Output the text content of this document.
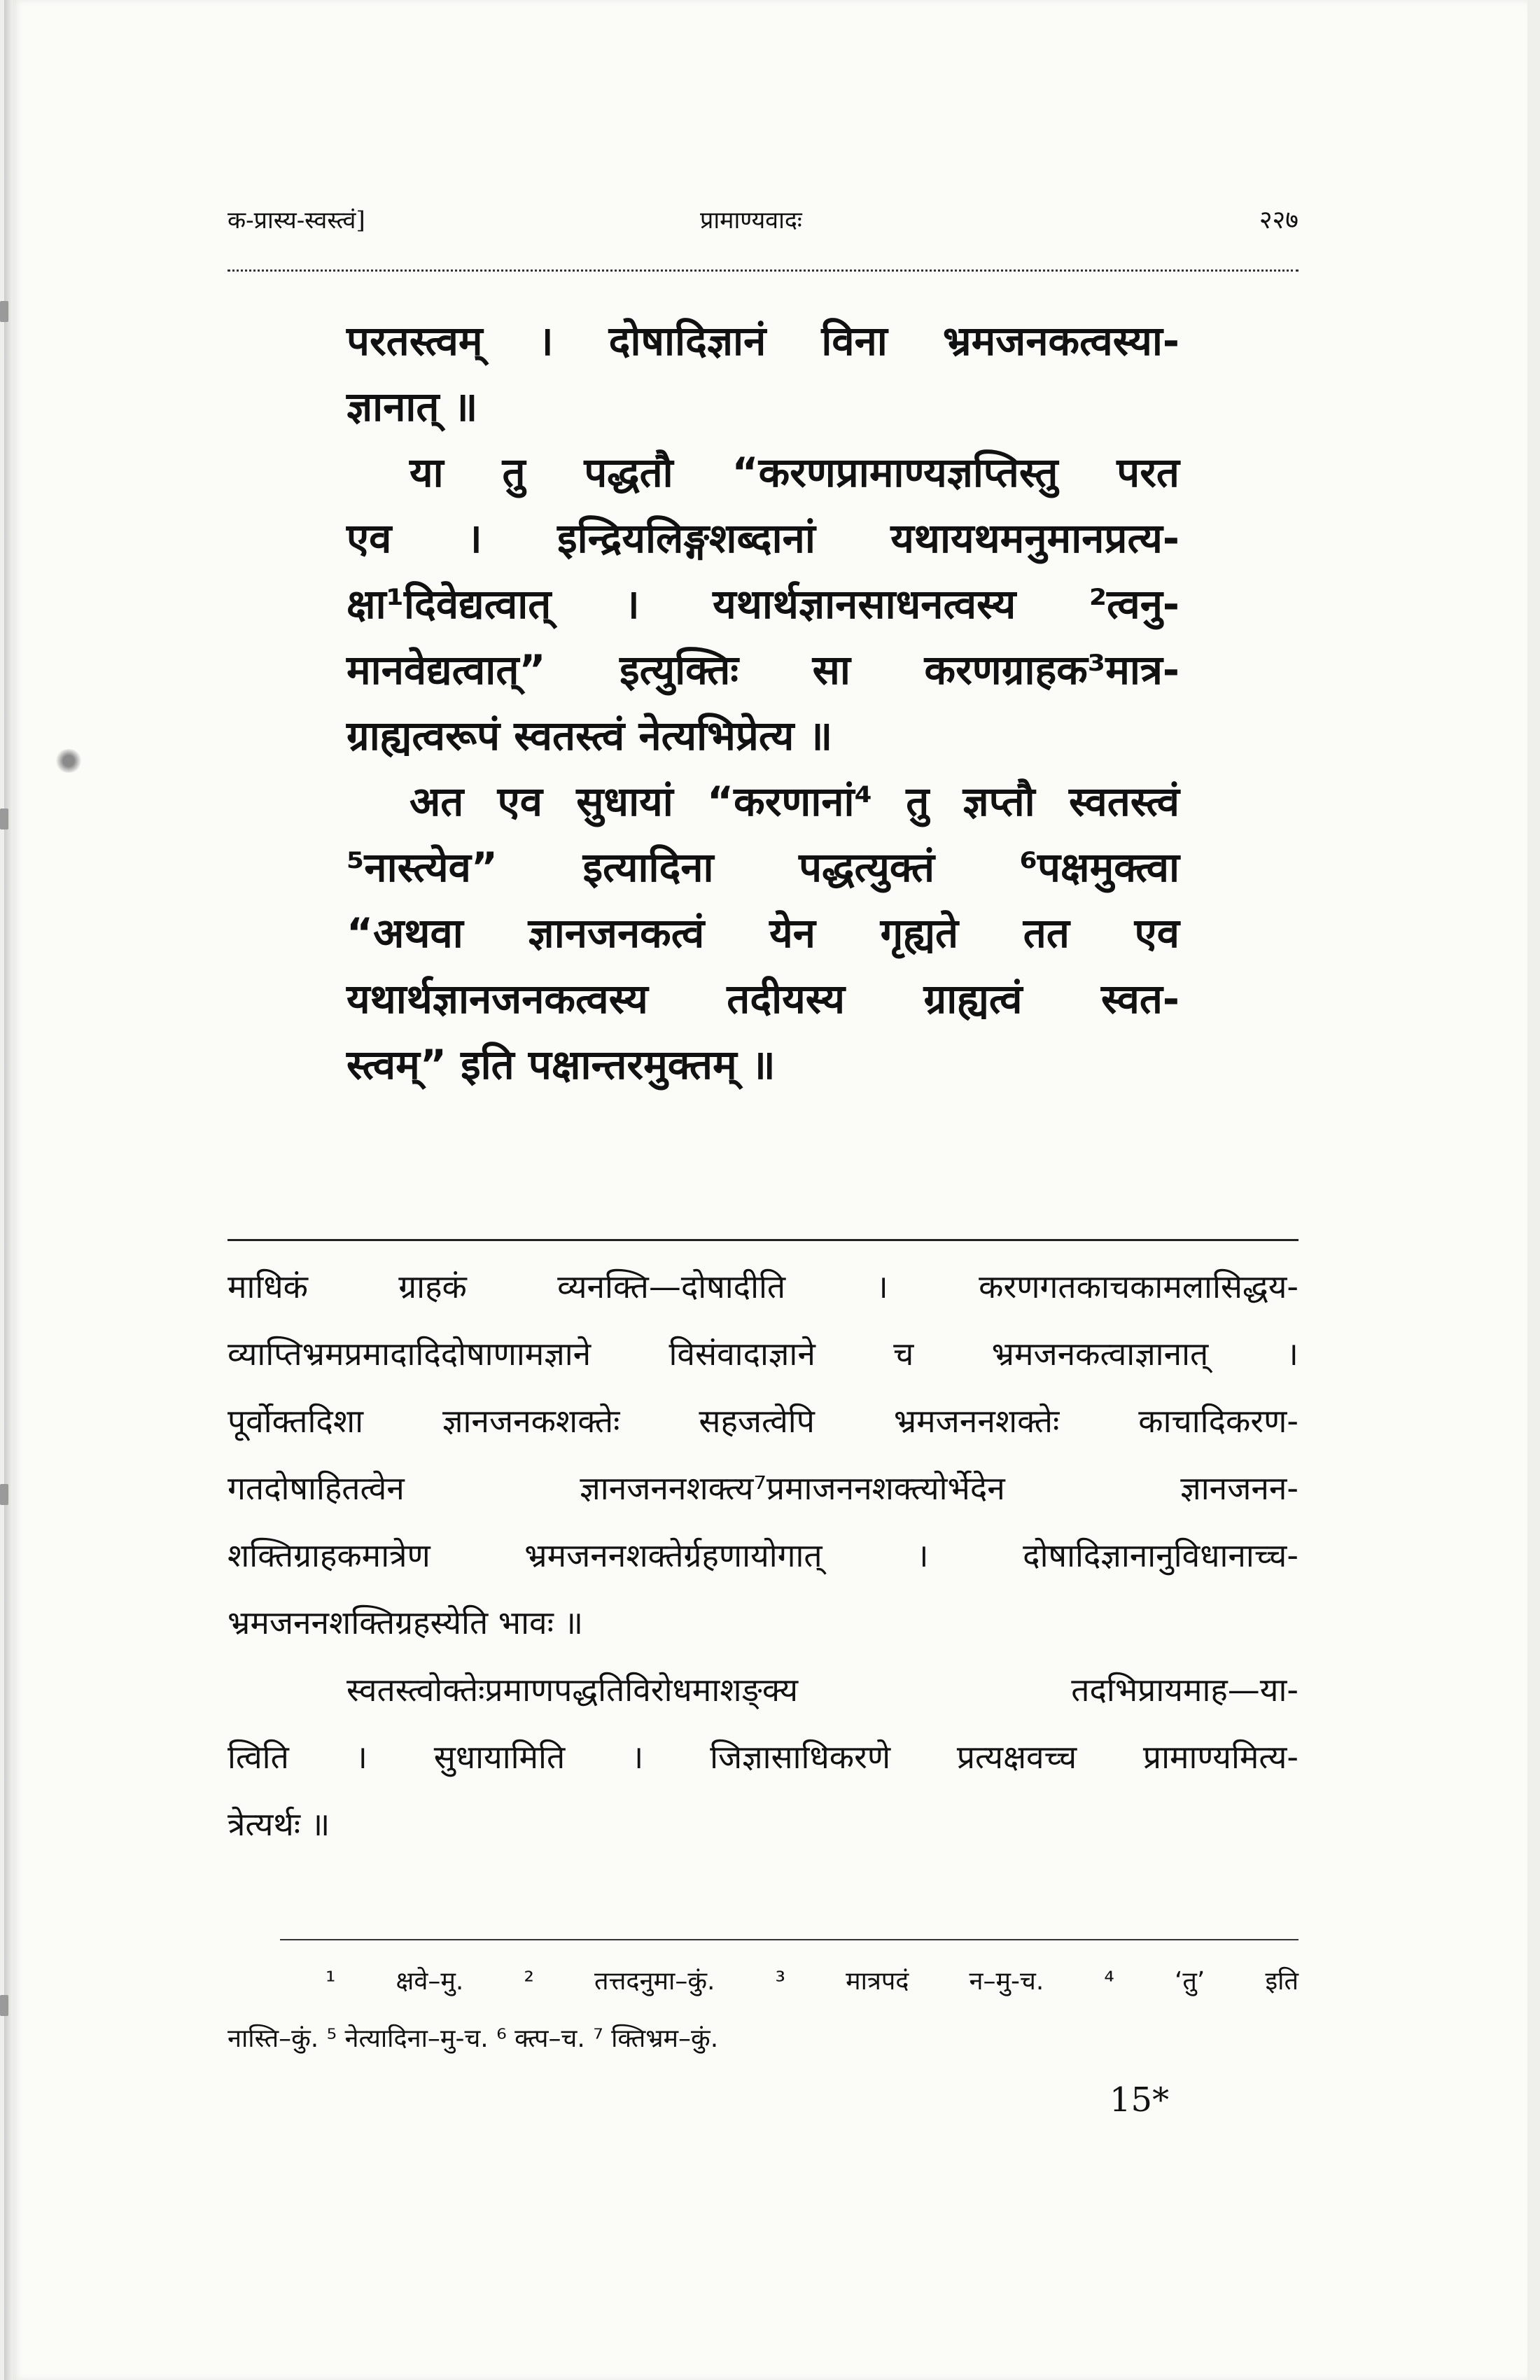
क-प्रास्य-स्वस्त्वं]	प्रामाण्यवादः	२२७

परतस्त्वम् । दोषादिज्ञानं विना भ्रमजनकत्वस्या-

ज्ञानात् ॥

या तु पद्धतौ “करणप्रामाण्यज्ञप्तिस्तु परत

एव । इन्द्रियलिङ्गशब्दानां यथायथमनुमानप्रत्य-

क्षा¹दिवेद्यत्वात् । यथार्थज्ञानसाधनत्वस्य ²त्वनु-

मानवेद्यत्वात्” इत्युक्तिः सा करणग्राहक³मात्र-

ग्राह्यत्वरूपं स्वतस्त्वं नेत्यभिप्रेत्य ॥

अत एव सुधायां “करणानां⁴ तु ज्ञप्तौ स्वतस्त्वं

⁵नास्त्येव” इत्यादिना पद्धत्युक्तं ⁶पक्षमुक्त्वा

“अथवा ज्ञानजनकत्वं येन गृह्यते तत एव

यथार्थज्ञानजनकत्वस्य तदीयस्य ग्राह्यत्वं स्वत-

स्त्वम्” इति पक्षान्तरमुक्तम् ॥

माधिकं ग्राहकं व्यनक्ति—दोषादीति । करणगतकाचकामलासिद्धय-

व्याप्तिभ्रमप्रमादादिदोषाणामज्ञाने विसंवादाज्ञाने च भ्रमजनकत्वाज्ञानात् ।

पूर्वोक्तदिशा ज्ञानजनकशक्तेः सहजत्वेपि भ्रमजननशक्तेः काचादिकरण-

गतदोषाहितत्वेन ज्ञानजननशक्त्य⁷प्रमाजननशक्त्योर्भेदेन ज्ञानजनन-

शक्तिग्राहकमात्रेण भ्रमजननशक्तेर्ग्रहणायोगात् । दोषादिज्ञानानुविधानाच्च-

भ्रमजननशक्तिग्रहस्येति भावः ॥

स्वतस्त्वोक्तेःप्रमाणपद्धतिविरोधमाशङ्क्य तदभिप्रायमाह—या-

त्विति । सुधायामिति । जिज्ञासाधिकरणे प्रत्यक्षवच्च प्रामाण्यमित्य-

त्रेत्यर्थः ॥

¹ क्षवे–मु. ² तत्तदनुमा–कुं. ³ मात्रपदं न–मु-च. ⁴ ‘तु’ इति

नास्ति–कुं. ⁵ नेत्यादिना–मु-च. ⁶ क्त्प–च. ⁷ क्तिभ्रम–कुं.

15*
